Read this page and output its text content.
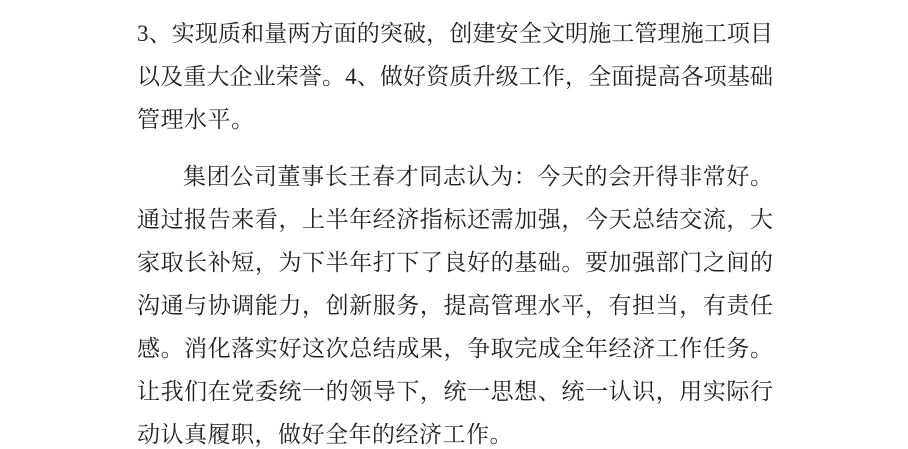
3、实现质和量两方面的突破，创建安全文明施工管理施工项目
以及重大企业荣誉。4、做好资质升级工作，全面提高各项基础
管理水平。
集团公司董事长王春才同志认为：今天的会开得非常好。
通过报告来看，上半年经济指标还需加强，今天总结交流，大
家取长补短，为下半年打下了良好的基础。要加强部门之间的
沟通与协调能力，创新服务，提高管理水平，有担当，有责任
感。消化落实好这次总结成果，争取完成全年经济工作任务。
让我们在党委统一的领导下，统一思想、统一认识，用实际行
动认真履职，做好全年的经济工作。
